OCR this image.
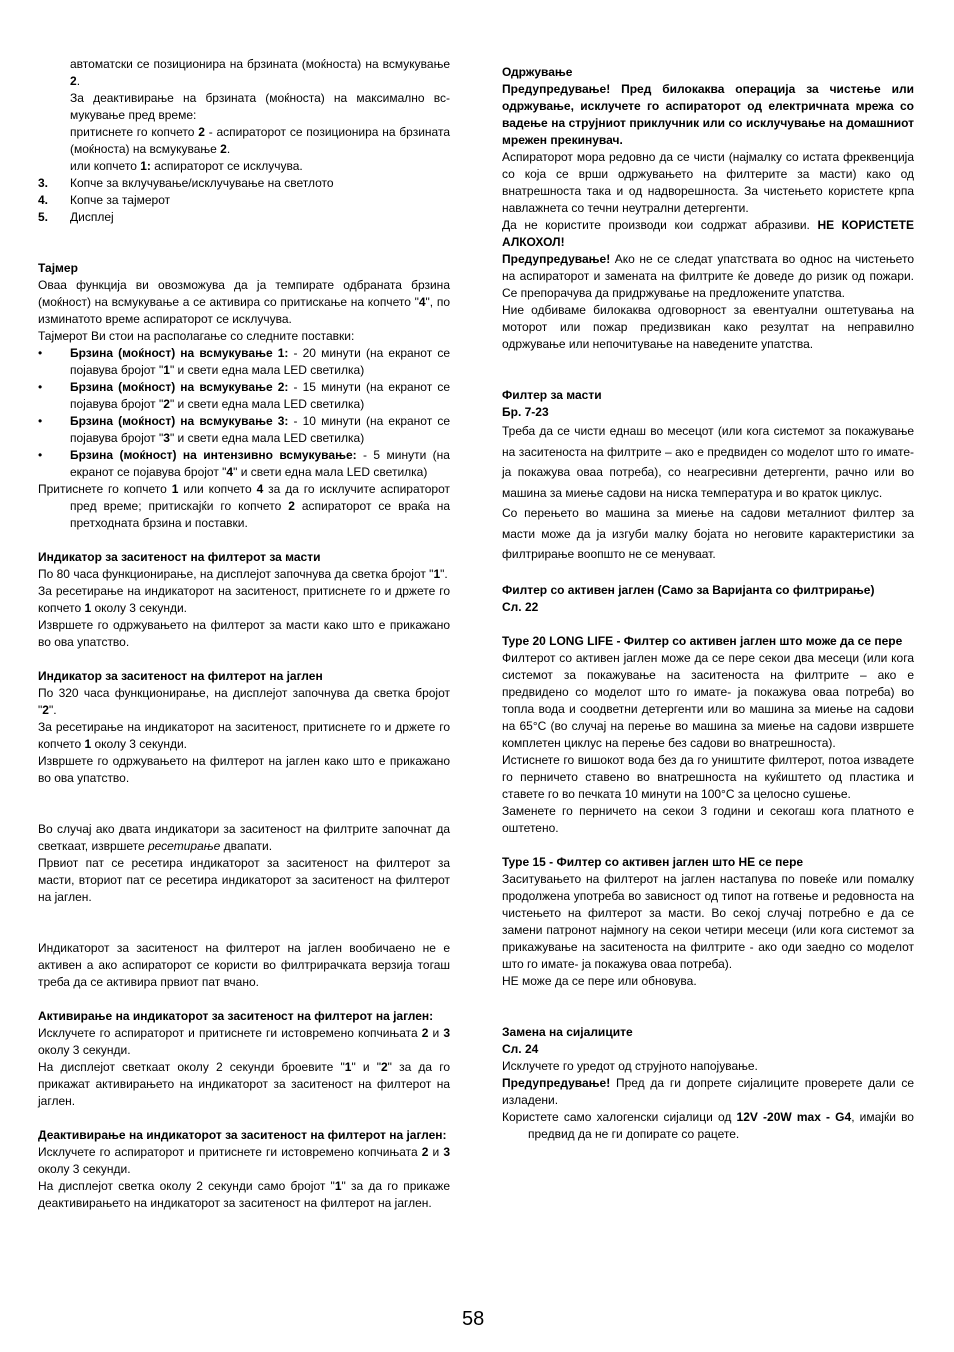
автоматски се позиционира на брзината (моќноста) на всмукување 2.

За деактивирање на брзината (моќноста) на максимално всмукување пред време:

притиснете го копчето 2 - аспираторот се позиционира на брзината (моќноста) на всмукување 2.

или копчето 1: аспираторот се исклучува.

3.	Копче за вклучување/исклучување на светлото
4.	Копче за тајмерот
5.	Дисплеј

Тајмер

Оваа функција ви овозможува да ја темпирате одбраната брзина (моќност) на всмукување а се активира со притискање на копчето "4", по изминатото време аспираторот се исклучува.

Тајмерот Ви стои на располагање со следните поставки:

•	Брзина (моќност) на всмукување 1: - 20 минути (на екранот се појавува бројот "1" и свети една мала LED светилка)
•	Брзина (моќност) на всмукување 2: - 15 минути (на екранот се појавува бројот "2" и свети една мала LED светилка)
•	Брзина (моќност) на всмукување 3: - 10 минути (на екранот се појавува бројот "3" и свети една мала LED светилка)
•	Брзина (моќност) на интензивно всмукување: - 5 минути (на екранот се појавува бројот "4" и свети една мала LED светилка)

Притиснете го копчето 1 или копчето 4 за да го исклучите аспираторот пред време; притискајќи го копчето 2 аспираторот се враќа на претходната брзина и поставки.

Индикатор за заситеност на филтерот за масти

По 80 часа функционирање, на дисплејот започнува да светка бројот "1".

За ресетирање на индикаторот на заситеност, притиснете го и држете го копчето 1 околу 3 секунди.

Извршете го одржувањето на филтерот за масти како што е прикажано во ова упатство.

Индикатор за заситеност на филтерот на јаглен

По 320 часа функционирање, на дисплејот започнува да светка бројот "2".

За ресетирање на индикаторот на заситеност, притиснете го и држете го копчето 1 околу 3 секунди.

Извршете го одржувањето на филтерот на јаглен како што е прикажано во ова упатство.

Во случај ако двата индикатори за заситеност на филтрите започнат да светкаат, извршете ресетирање двапати.

Првиот пат се ресетира индикаторот за заситеност на филтерот за масти, вториот пат се ресетира индикаторот за заситеност на филтерот на јаглен.

Индикаторот за заситеност на филтерот на јаглен вообичаено не е активен а ако аспираторот се користи во филтрирачката верзија тогаш треба да се активира првиот пат вчано.

Активирање на индикаторот за заситеност на филтерот на јаглен:

Исклучете го аспираторот и притиснете ги истовремено копчињата 2 и 3 околу 3 секунди.

На дисплејот светкаат околу 2 секунди броевите "1" и "2" за да го прикажат активирањето на индикаторот за заситеност на филтерот на јаглен.

Деактивирање на индикаторот за заситеност на филтерот на јаглен:

Исклучете го аспираторот и притиснете ги истовремено копчињата 2 и 3 околу 3 секунди.

На дисплејот светка околу 2 секунди само бројот "1" за да го прикаже деактивирањето на индикаторот за заситеност на филтерот на јаглен.

Одржување

Предупредување! Пред билокаква операција за чистење или одржување, исклучете го аспираторот од електричната мрежа со вадење на струјниот приклучник или со исклучување на домашниот мрежен прекинувач.

Аспираторот мора редовно да се чисти (најмалку со истата фреквенција со која се врши одржувањето на филтерите за масти) како од внатрешноста така и од надворешноста. За чистењето користете крпа навлажнета со течни неутрални детергенти.

Да не користите производи кои содржат абразиви. НЕ КОРИСТЕТЕ АЛКОХОЛ!

Предупредување! Ако не се следат упатствата во однос на чистењето на аспираторот и замената на филтрите ќе доведе до ризик од пожари. Се препорачува да придржување на предложените упатства.

Ние одбиваме билокаква одговорност за евентуални оштетувања на моторот или пожар предизвикан како резултат на неправилно одржување или непочитување на наведените упатства.

Филтер за масти

Бр. 7-23

Треба да се чисти еднаш во месецот (или кога системот за покажување на заситеноста на филтрите – ако е предвиден со моделот што го имате- ја покажува оваа потреба), со неагресивни детергенти, рачно или во машина за миење садови на ниска температура и во краток циклус.

Со перењето во машина за миење на садови металниот филтер за масти може да ја изгуби малку бојата но неговите карактеристики за филтрирање воопшто не се менуваат.

Филтер со активен јаглен (Само за Варијанта со филтрирање)

Сл. 22

Type 20 LONG LIFE - Филтер со активен јаглен што може да се пере

Филтерот со активен јаглен може да се пере секои два месеци (или кога системот за покажување на заситеноста на филтрите – ако е предвидено со моделот што го имате- ја покажува оваа потреба) во топла вода и соодветни детергенти или во машина за миење на садови на 65°C (во случај на перење во машина за миење на садови извршете комплетен циклус на перење без садови во внатрешноста).

Истиснете го вишокот вода без да го уништите филтерот, потоа извадете го перничето ставено во внатрешноста на куќиштето од пластика и ставете го во печката 10 минути на 100°C за целосно сушење.

Заменете го перничето на секои 3 години и секогаш кога платното е оштетено.

Type 15 - Филтер со активен јаглен што НЕ се пере

Заситувањето на филтерот на јаглен настапува по повеќе или помалку продолжена употреба во зависност од типот на готвење и редовноста на чистењето на филтерот за масти. Во секој случај потребно е да се замени патронот најмногу на секои четири месеци (или кога системот за прикажување на заситеноста на филтрите - ако оди заедно со моделот што го имате- ја покажува оваа потреба).

НЕ може да се пере или обновува.

Замена на сијалиците

Сл. 24

Исклучете го уредот од струјното напојување.

Предупредување! Пред да ги допрете сијалиците проверете дали се изладени.

Користете само халогенски сијалици од 12V -20W max - G4, имајќи во предвид да не ги допирате со рацете.

58
